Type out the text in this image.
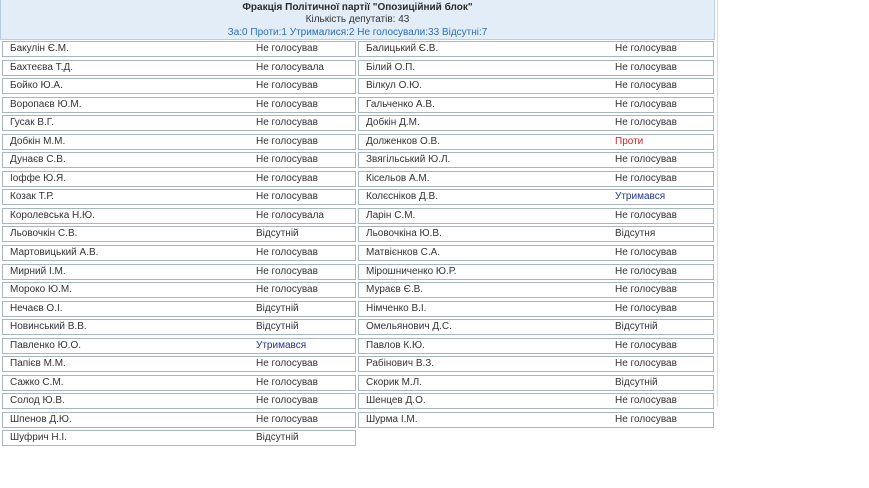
Фракція Політичної партії "Опозиційний блок"
Кількість депутатів: 43
За:0 Проти:1 Утрималися:2 Не голосували:33 Відсутні:7
Бакулін Є.М.	Не голосував
Бахтеєва Т.Д.	Не голосувала
Бойко Ю.А.	Не голосував
Воропаєв Ю.М.	Не голосував
Гусак В.Г.	Не голосував
Добкін М.М.	Не голосував
Дунаєв С.В.	Не голосував
Іоффе Ю.Я.	Не голосував
Козак Т.Р.	Не голосував
Королевська Н.Ю.	Не голосувала
Льовочкін С.В.	Відсутній
Мартовицький А.В.	Не голосував
Мирний І.М.	Не голосував
Мороко Ю.М.	Не голосував
Нечаєв О.І.	Відсутній
Новинський В.В.	Відсутній
Павленко Ю.О.	Утримався
Папієв М.М.	Не голосував
Сажко С.М.	Не голосував
Солод Ю.В.	Не голосував
Шпенов Д.Ю.	Не голосував
Шуфрич Н.І.	Відсутній
Балицький Є.В.	Не голосував
Білий О.П.	Не голосував
Вілкул О.Ю.	Не голосував
Гальченко А.В.	Не голосував
Добкін Д.М.	Не голосував
Долженков О.В.	Проти
Звягільський Ю.Л.	Не голосував
Кісельов А.М.	Не голосував
Колєсніков Д.В.	Утримався
Ларін С.М.	Не голосував
Льовочкіна Ю.В.	Відсутня
Матвієнков С.А.	Не голосував
Мірошниченко Ю.Р.	Не голосував
Мураєв Є.В.	Не голосував
Німченко В.І.	Не голосував
Омельянович Д.С.	Відсутній
Павлов К.Ю.	Не голосував
Рабінович В.З.	Не голосував
Скорик М.Л.	Відсутній
Шенцев Д.О.	Не голосував
Шурма І.М.	Не голосував
